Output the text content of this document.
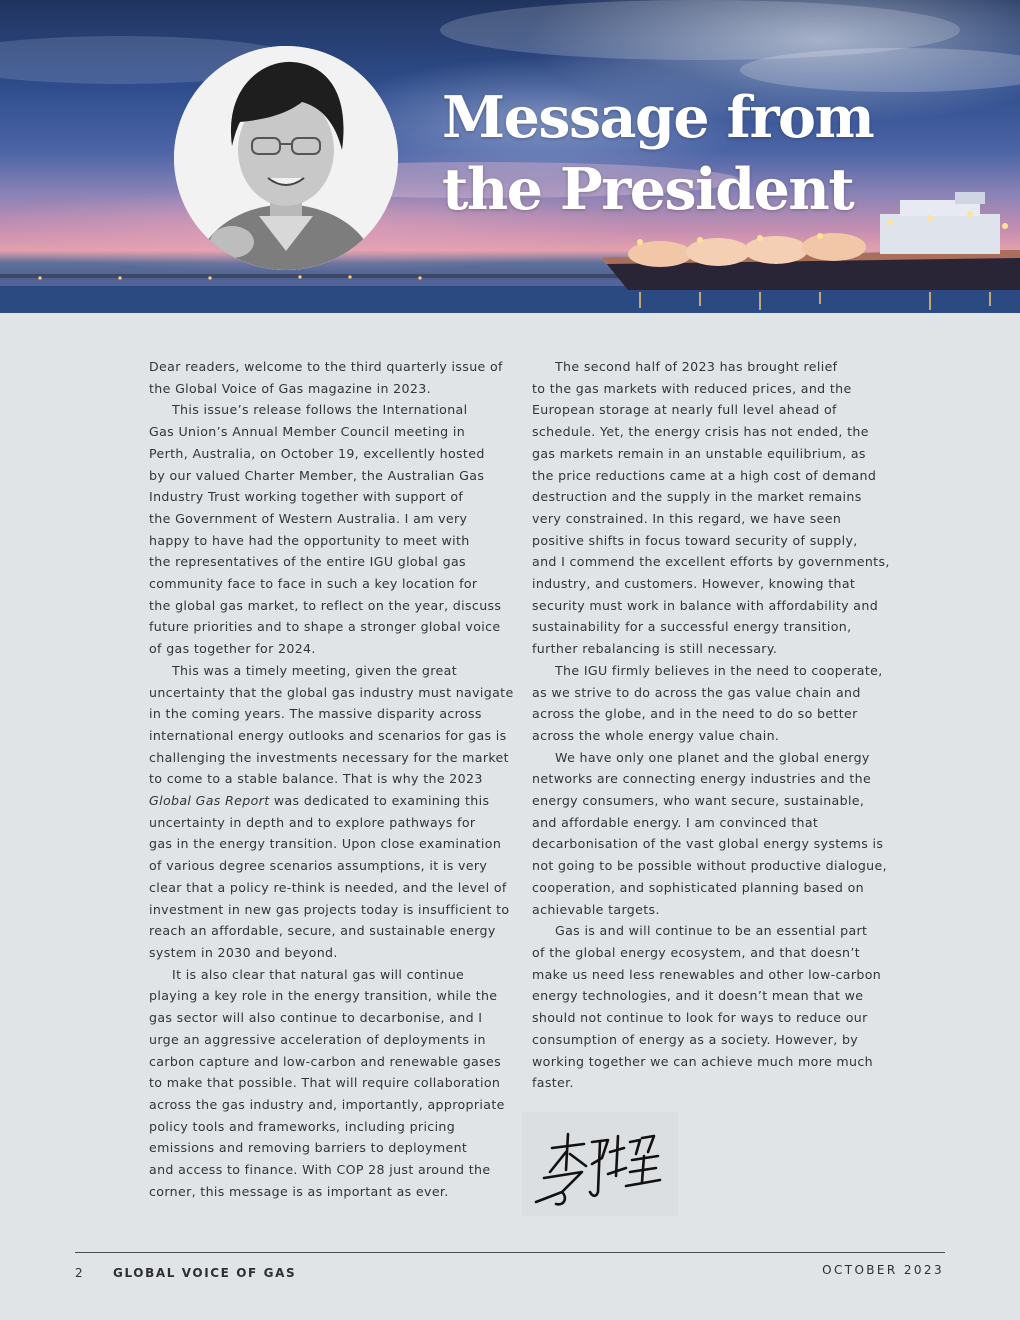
Message from
the President

Dear readers, welcome to the third quarterly issue of

the Global Voice of Gas magazine in 2023.

This issue’s release follows the International

Gas Union’s Annual Member Council meeting in

Perth, Australia, on October 19, excellently hosted

by our valued Charter Member, the Australian Gas

Industry Trust working together with support of

the Government of Western Australia. I am very

happy to have had the opportunity to meet with

the representatives of the entire IGU global gas

community face to face in such a key location for

the global gas market, to reflect on the year, discuss

future priorities and to shape a stronger global voice

of gas together for 2024.

This was a timely meeting, given the great

uncertainty that the global gas industry must navigate

in the coming years. The massive disparity across

international energy outlooks and scenarios for gas is

challenging the investments necessary for the market

to come to a stable balance. That is why the 2023

Global Gas Report was dedicated to examining this

uncertainty in depth and to explore pathways for

gas in the energy transition. Upon close examination

of various degree scenarios assumptions, it is very

clear that a policy re-think is needed, and the level of

investment in new gas projects today is insufficient to

reach an affordable, secure, and sustainable energy

system in 2030 and beyond.

It is also clear that natural gas will continue

playing a key role in the energy transition, while the

gas sector will also continue to decarbonise, and I

urge an aggressive acceleration of deployments in

carbon capture and low-carbon and renewable gases

to make that possible. That will require collaboration

across the gas industry and, importantly, appropriate

policy tools and frameworks, including pricing

emissions and removing barriers to deployment

and access to finance. With COP 28 just around the

corner, this message is as important as ever.

The second half of 2023 has brought relief

to the gas markets with reduced prices, and the

European storage at nearly full level ahead of

schedule. Yet, the energy crisis has not ended, the

gas markets remain in an unstable equilibrium, as

the price reductions came at a high cost of demand

destruction and the supply in the market remains

very constrained. In this regard, we have seen

positive shifts in focus toward security of supply,

and I commend the excellent efforts by governments,

industry, and customers. However, knowing that

security must work in balance with affordability and

sustainability for a successful energy transition,

further rebalancing is still necessary.

The IGU firmly believes in the need to cooperate,

as we strive to do across the gas value chain and

across the globe, and in the need to do so better

across the whole energy value chain.

We have only one planet and the global energy

networks are connecting energy industries and the

energy consumers, who want secure, sustainable,

and affordable energy. I am convinced that

decarbonisation of the vast global energy systems is

not going to be possible without productive dialogue,

cooperation, and sophisticated planning based on

achievable targets.

Gas is and will continue to be an essential part

of the global energy ecosystem, and that doesn’t

make us need less renewables and other low-carbon

energy technologies, and it doesn’t mean that we

should not continue to look for ways to reduce our

consumption of energy as a society. However, by

working together we can achieve much more much

faster.

2 GLOBAL VOICE OF GAS	OCTOBER 2023
